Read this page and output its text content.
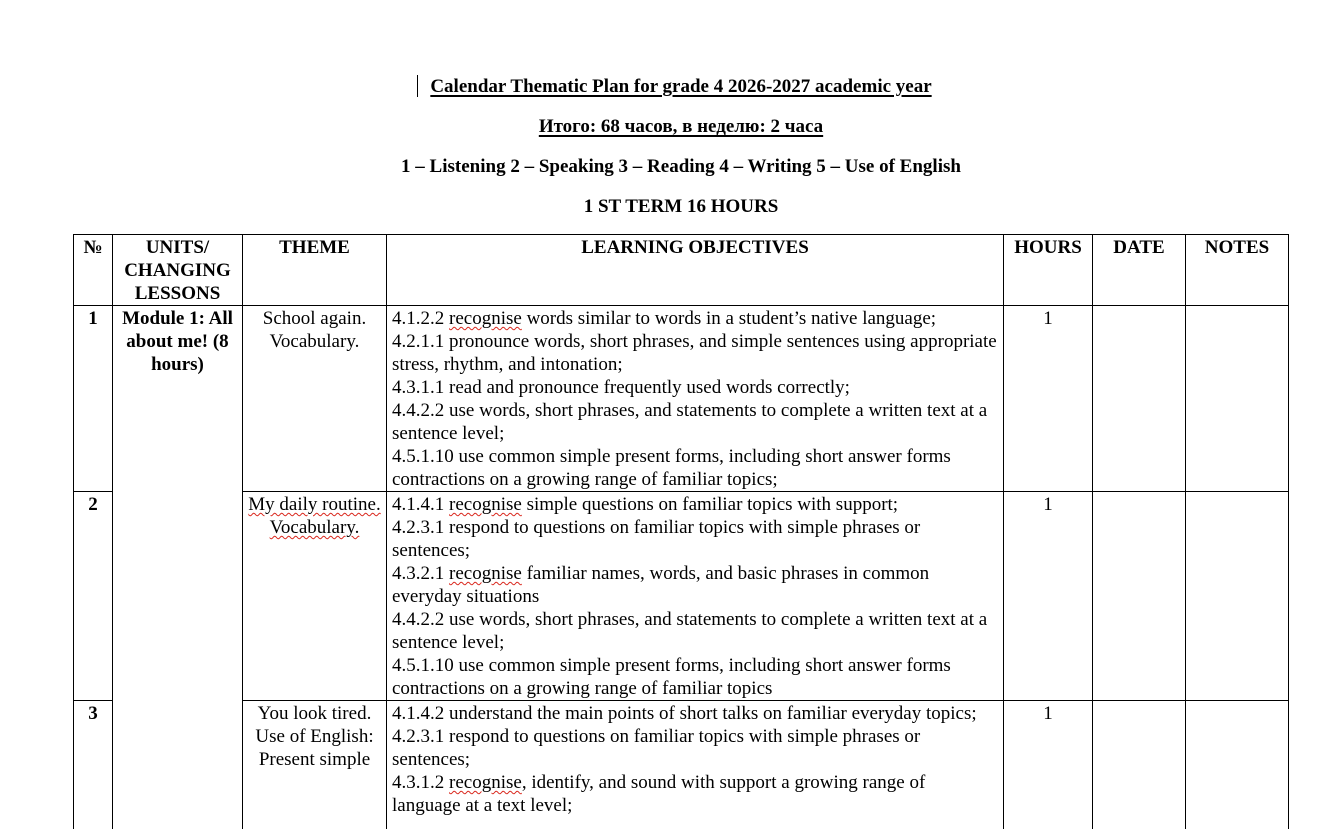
Calendar Thematic Plan for grade 4 2026-2027 academic year
Итого: 68 часов, в неделю: 2 часа
1 – Listening 2 – Speaking 3 – Reading 4 – Writing 5 – Use of English
1 ST TERM 16 HOURS
№	UNITS/ CHANGING LESSONS	THEME	LEARNING OBJECTIVES	HOURS	DATE	NOTES
1	Module 1: All about me! (8 hours)	School again. Vocabulary.	4.1.2.2 recognise words similar to words in a student’s native language;
4.2.1.1 pronounce words, short phrases, and simple sentences using appropriate stress, rhythm, and intonation;
4.3.1.1 read and pronounce frequently used words correctly;
4.4.2.2 use words, short phrases, and statements to complete a written text at a sentence level;
4.5.1.10 use common simple present forms, including short answer forms contractions on a growing range of familiar topics;	1		
2		My daily routine. Vocabulary.	4.1.4.1 recognise simple questions on familiar topics with support;
4.2.3.1 respond to questions on familiar topics with simple phrases or sentences;
4.3.2.1 recognise familiar names, words, and basic phrases in common everyday situations
4.4.2.2 use words, short phrases, and statements to complete a written text at a sentence level;
4.5.1.10 use common simple present forms, including short answer forms contractions on a growing range of familiar topics	1		
3		You look tired. Use of English: Present simple	4.1.4.2 understand the main points of short talks on familiar everyday topics;
4.2.3.1 respond to questions on familiar topics with simple phrases or sentences;
4.3.1.2 recognise, identify, and sound with support a growing range of language at a text level;	1		
